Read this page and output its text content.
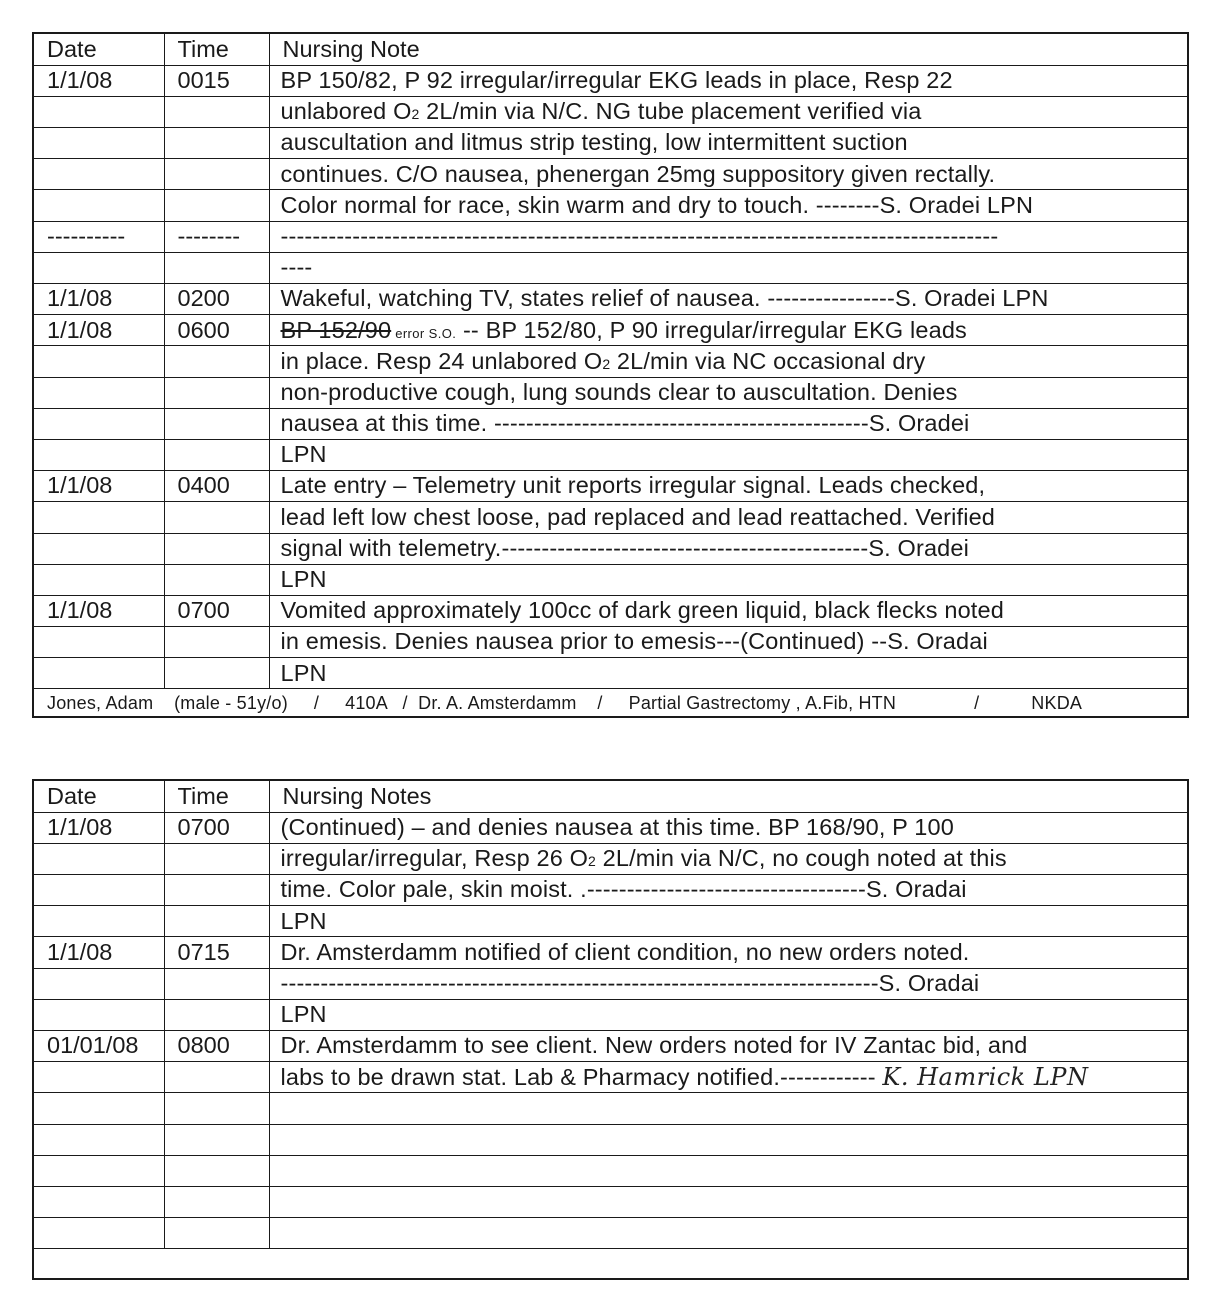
Date	Time	Nursing Note
1/1/08	0015	BP 150/82, P 92 irregular/irregular EKG leads in place, Resp 22
		unlabored O2 2L/min via N/C. NG tube placement verified via
		auscultation and litmus strip testing, low intermittent suction
		continues. C/O nausea, phenergan 25mg suppository given rectally.
		Color normal for race, skin warm and dry to touch. --------S. Oradei LPN
----------	--------	------------------------------------------------------------------------------------------
		----
1/1/08	0200	Wakeful, watching TV, states relief of nausea. ----------------S. Oradei LPN
1/1/08	0600	BP 152/90 error S.O. -- BP 152/80, P 90 irregular/irregular EKG leads
		in place. Resp 24 unlabored O2 2L/min via NC occasional dry
		non-productive cough, lung sounds clear to auscultation. Denies
		nausea at this time. -----------------------------------------------S. Oradei
		LPN
1/1/08	0400	Late entry – Telemetry unit reports irregular signal. Leads checked,
		lead left low chest loose, pad replaced and lead reattached. Verified
		signal with telemetry.----------------------------------------------S. Oradei
		LPN
1/1/08	0700	Vomited approximately 100cc of dark green liquid, black flecks noted
		in emesis. Denies nausea prior to emesis---(Continued) --S. Oradai
		LPN
Jones, Adam    (male - 51y/o)     /     410A   /  Dr. A. Amsterdamm    /     Partial Gastrectomy , A.Fib, HTN               /          NKDA
Date	Time	Nursing Notes
1/1/08	0700	(Continued) – and denies nausea at this time. BP 168/90, P 100
		irregular/irregular, Resp 26 O2 2L/min via N/C, no cough noted at this
		time. Color pale, skin moist. .-----------------------------------S. Oradai
		LPN
1/1/08	0715	Dr. Amsterdamm notified of client condition, no new orders noted.
		---------------------------------------------------------------------------S. Oradai
		LPN
01/01/08	0800	Dr. Amsterdamm to see client. New orders noted for IV Zantac bid, and
		labs to be drawn stat. Lab & Pharmacy notified.------------ K. Hamrick LPN
